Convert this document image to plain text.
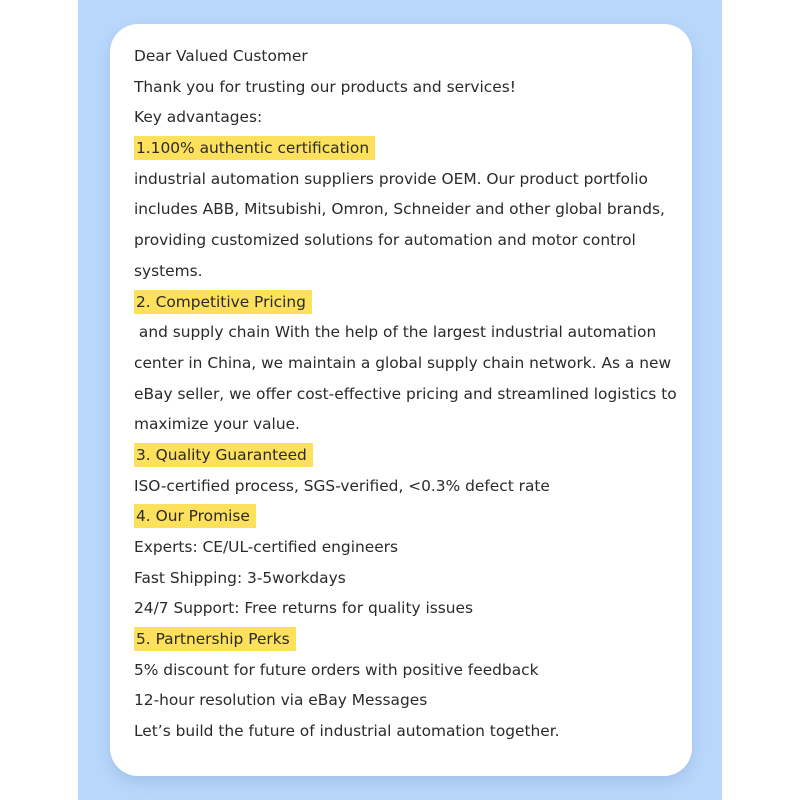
Dear Valued Customer
Thank you for trusting our products and services!
Key advantages:
1.100% authentic certification
industrial automation suppliers provide OEM. Our product portfolio
includes ABB, Mitsubishi, Omron, Schneider and other global brands,
providing customized solutions for automation and motor control
systems.
2. Competitive Pricing
and supply chain With the help of the largest industrial automation
center in China, we maintain a global supply chain network. As a new
eBay seller, we offer cost-effective pricing and streamlined logistics to
maximize your value.
3. Quality Guaranteed
ISO-certified process, SGS-verified, <0.3% defect rate
4. Our Promise
Experts: CE/UL-certified engineers
Fast Shipping: 3-5workdays
24/7 Support: Free returns for quality issues
5. Partnership Perks
5% discount for future orders with positive feedback
12-hour resolution via eBay Messages
Let’s build the future of industrial automation together.
